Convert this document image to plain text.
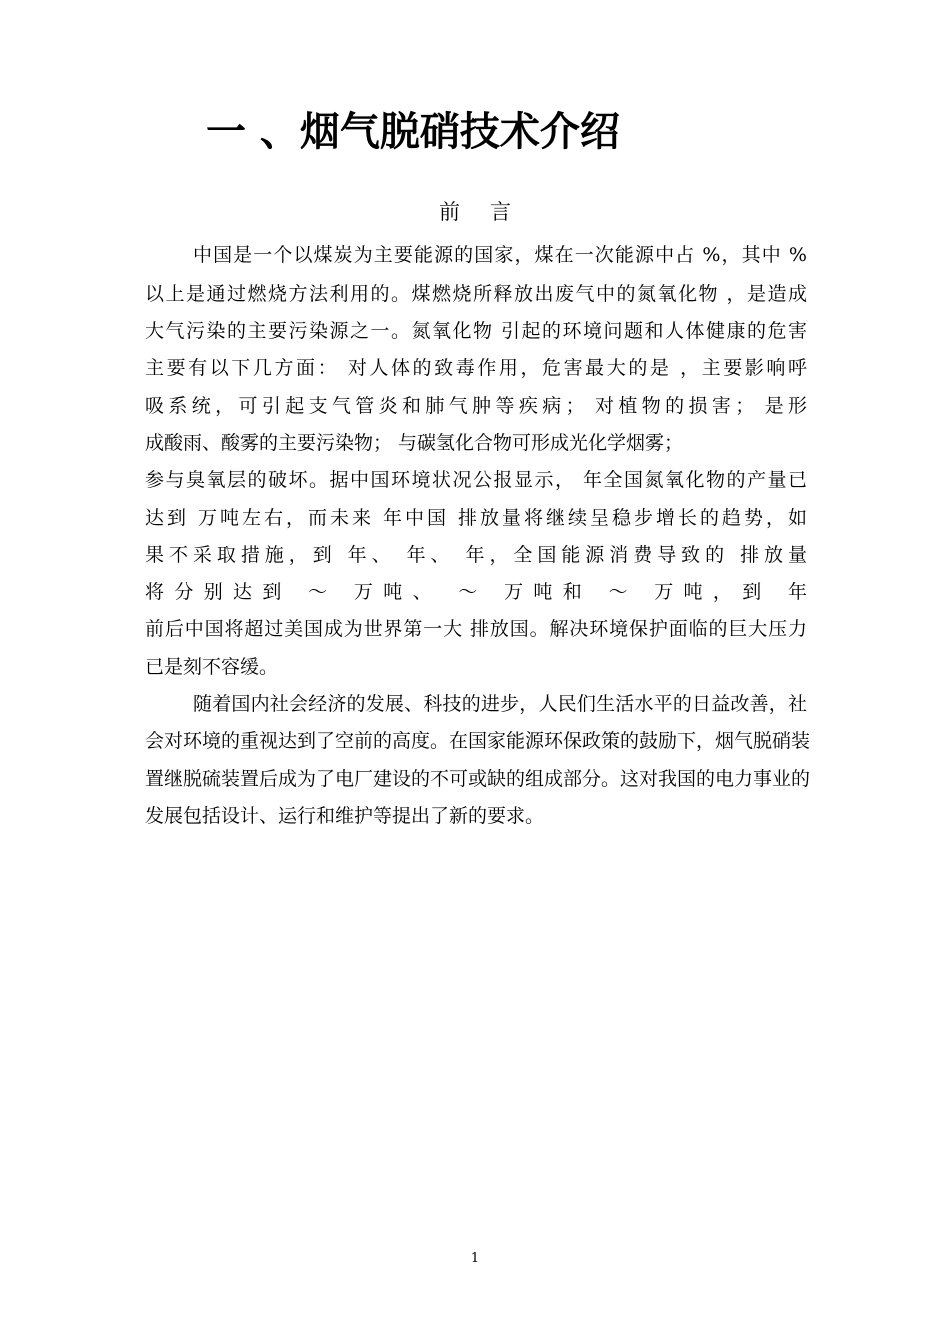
一 、烟气脱硝技术介绍
前言
中国是一个以煤炭为主要能源的国家，煤在一次能源中占 %，其中 %
以上是通过燃烧方法利用的。煤燃烧所释放出废气中的氮氧化物 ，是造成
大气污染的主要污染源之一。氮氧化物 引起的环境问题和人体健康的危害
主要有以下几方面： 对人体的致毒作用，危害最大的是 ，主要影响呼
吸系统，可引起支气管炎和肺气肿等疾病； 对植物的损害； 是形
成酸雨、酸雾的主要污染物； 与碳氢化合物可形成光化学烟雾；
参与臭氧层的破坏。据中国环境状况公报显示， 年全国氮氧化物的产量已
达到 万吨左右，而未来 年中国 排放量将继续呈稳步增长的趋势，如
果不采取措施，到 年、 年、 年，全国能源消费导致的 排放量
将分别达到 ～ 万吨、 ～ 万吨和 ～ 万吨，到 年
前后中国将超过美国成为世界第一大 排放国。解决环境保护面临的巨大压力
已是刻不容缓。
随着国内社会经济的发展、科技的进步，人民们生活水平的日益改善，社
会对环境的重视达到了空前的高度。在国家能源环保政策的鼓励下，烟气脱硝装
置继脱硫装置后成为了电厂建设的不可或缺的组成部分。这对我国的电力事业的
发展包括设计、运行和维护等提出了新的要求。
1
